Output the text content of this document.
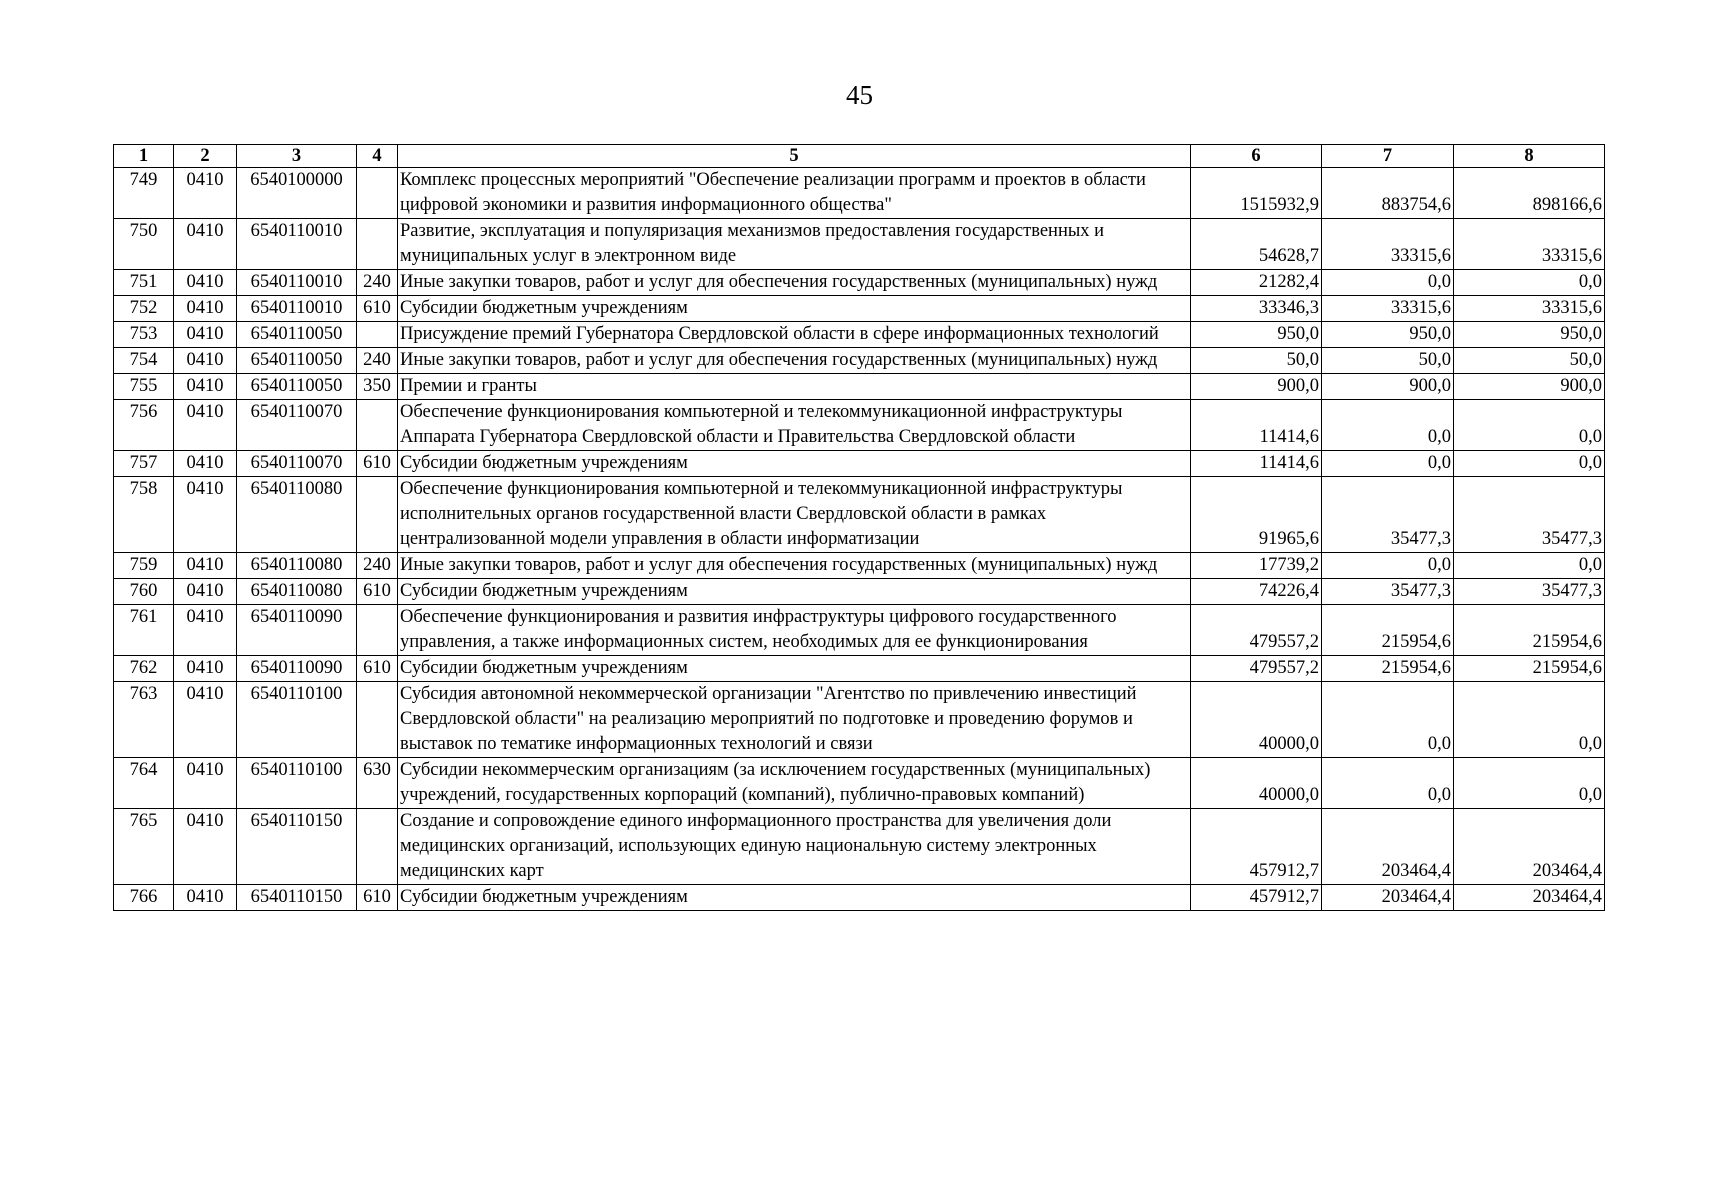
45
1	2	3	4	5	6	7	8
749	0410	6540100000		Комплекс процессных мероприятий "Обеспечение реализации программ и проектов в области цифровой экономики и развития информационного общества"	1515932,9	883754,6	898166,6
750	0410	6540110010		Развитие, эксплуатация и популяризация механизмов предоставления государственных и муниципальных услуг в электронном виде	54628,7	33315,6	33315,6
751	0410	6540110010	240	Иные закупки товаров, работ и услуг для обеспечения государственных (муниципальных) нужд	21282,4	0,0	0,0
752	0410	6540110010	610	Субсидии бюджетным учреждениям	33346,3	33315,6	33315,6
753	0410	6540110050		Присуждение премий Губернатора Свердловской области в сфере информационных технологий	950,0	950,0	950,0
754	0410	6540110050	240	Иные закупки товаров, работ и услуг для обеспечения государственных (муниципальных) нужд	50,0	50,0	50,0
755	0410	6540110050	350	Премии и гранты	900,0	900,0	900,0
756	0410	6540110070		Обеспечение функционирования компьютерной и телекоммуникационной инфраструктуры Аппарата Губернатора Свердловской области и Правительства Свердловской области	11414,6	0,0	0,0
757	0410	6540110070	610	Субсидии бюджетным учреждениям	11414,6	0,0	0,0
758	0410	6540110080		Обеспечение функционирования компьютерной и телекоммуникационной инфраструктуры исполнительных органов государственной власти Свердловской области в рамках централизованной модели управления в области информатизации	91965,6	35477,3	35477,3
759	0410	6540110080	240	Иные закупки товаров, работ и услуг для обеспечения государственных (муниципальных) нужд	17739,2	0,0	0,0
760	0410	6540110080	610	Субсидии бюджетным учреждениям	74226,4	35477,3	35477,3
761	0410	6540110090		Обеспечение функционирования и развития инфраструктуры цифрового государственного управления, а также информационных систем, необходимых для ее функционирования	479557,2	215954,6	215954,6
762	0410	6540110090	610	Субсидии бюджетным учреждениям	479557,2	215954,6	215954,6
763	0410	6540110100		Субсидия автономной некоммерческой организации "Агентство по привлечению инвестиций Свердловской области" на реализацию мероприятий по подготовке и проведению форумов и выставок по тематике информационных технологий и связи	40000,0	0,0	0,0
764	0410	6540110100	630	Субсидии некоммерческим организациям (за исключением государственных (муниципальных) учреждений, государственных корпораций (компаний), публично-правовых компаний)	40000,0	0,0	0,0
765	0410	6540110150		Создание и сопровождение единого информационного пространства для увеличения доли медицинских организаций, использующих единую национальную систему электронных медицинских карт	457912,7	203464,4	203464,4
766	0410	6540110150	610	Субсидии бюджетным учреждениям	457912,7	203464,4	203464,4
